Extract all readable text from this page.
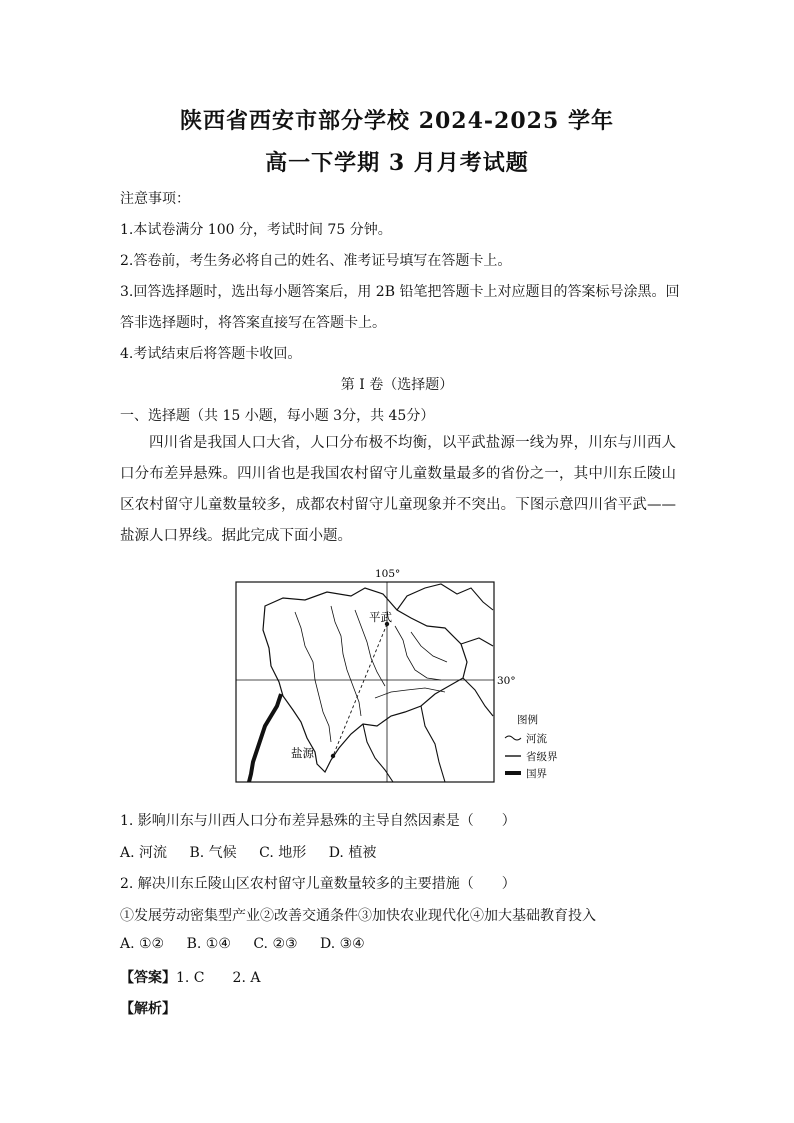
陕西省西安市部分学校 2024-2025 学年
高一下学期 3 月月考试题
注意事项：
1.本试卷满分 100 分，考试时间 75 分钟。
2.答卷前，考生务必将自己的姓名、准考证号填写在答题卡上。
3.回答选择题时，选出每小题答案后，用 2B 铅笔把答题卡上对应题目的答案标号涂黑。回
答非选择题时，将答案直接写在答题卡上。
4.考试结束后将答题卡收回。
第 I 卷（选择题）
一、选择题（共 15 小题，每小题 3分，共 45分）
四川省是我国人口大省，人口分布极不均衡，以平武盐源一线为界，川东与川西人口分布差异悬殊。四川省也是我国农村留守儿童数量最多的省份之一，其中川东丘陵山区农村留守儿童数量较多，成都农村留守儿童现象并不突出。下图示意四川省平武——盐源人口界线。据此完成下面小题。
105°
30°
平武
盐源
图例
河流
省级界
国界
1. 影响川东与川西人口分布差异悬殊的主导自然因素是（　　）
A. 河流 B. 气候 C. 地形 D. 植被
2. 解决川东丘陵山区农村留守儿童数量较多的主要措施（　　）
①发展劳动密集型产业②改善交通条件③加快农业现代化④加大基础教育投入
A. ①② B. ①④ C. ②③ D. ③④
【答案】1. C 2. A
【解析】
